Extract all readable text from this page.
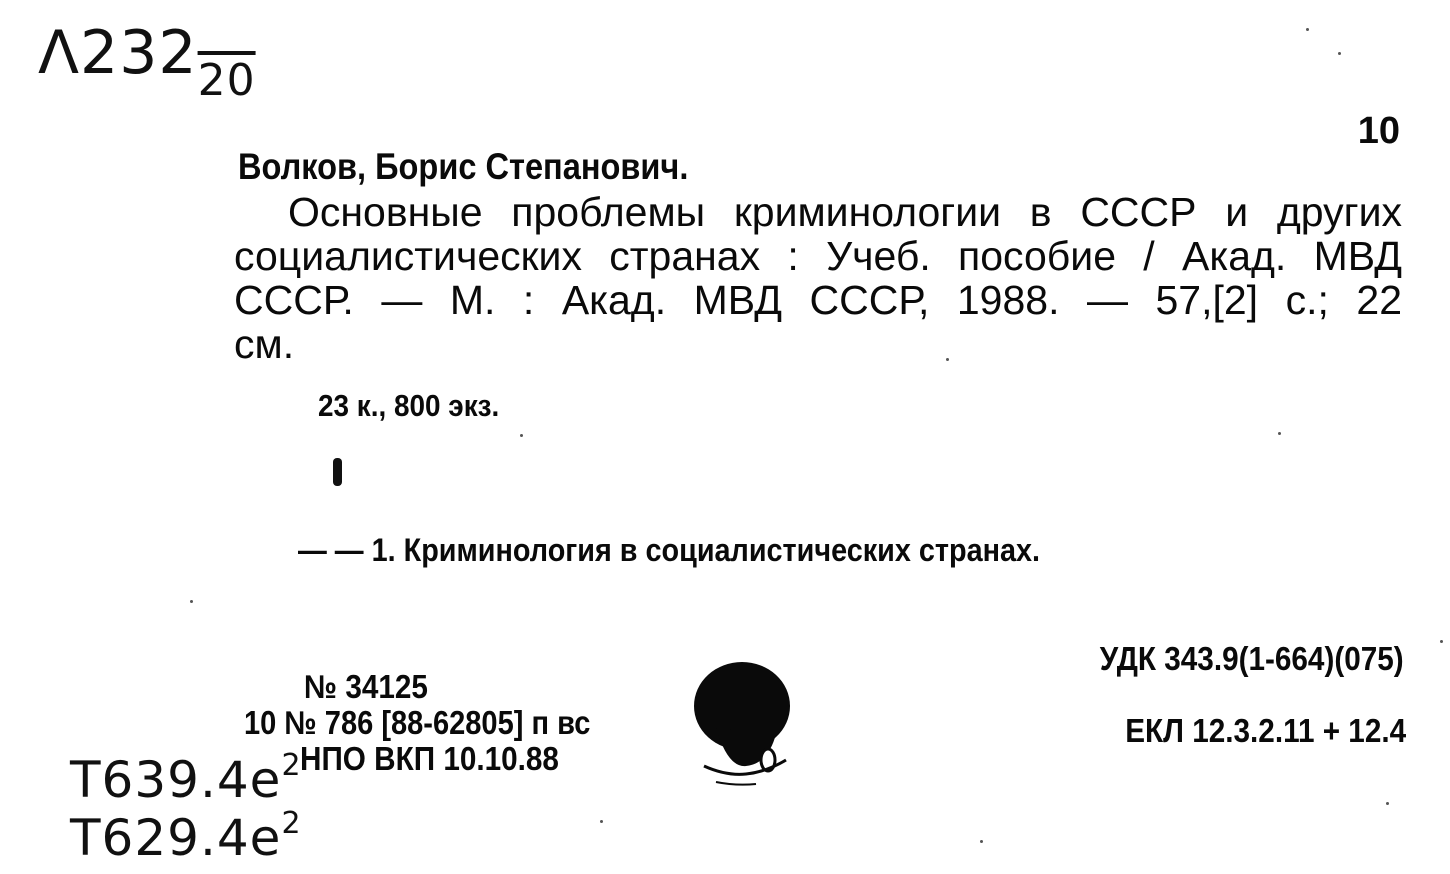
$\Lambda 232_{20}$
10
Волков, Борис Степанович.
Основные проблемы криминологии в СССР и других
социалистических странах : Учеб. пособие / Акад. МВД
СССР. — М. : Акад. МВД СССР, 1988. — 57,[2] с.; 22
см.
23 к., 800 экз.
— — 1. Криминология в социалистических странах.
№ 34125
10 № 786 [88-62805] п вс
НПО ВКП 10.10.88
УДК 343.9(1-664)(075)
ЕКЛ 12.3.2.11 + 12.4
$Т639.4е^2$
$Т629.4е^2$
